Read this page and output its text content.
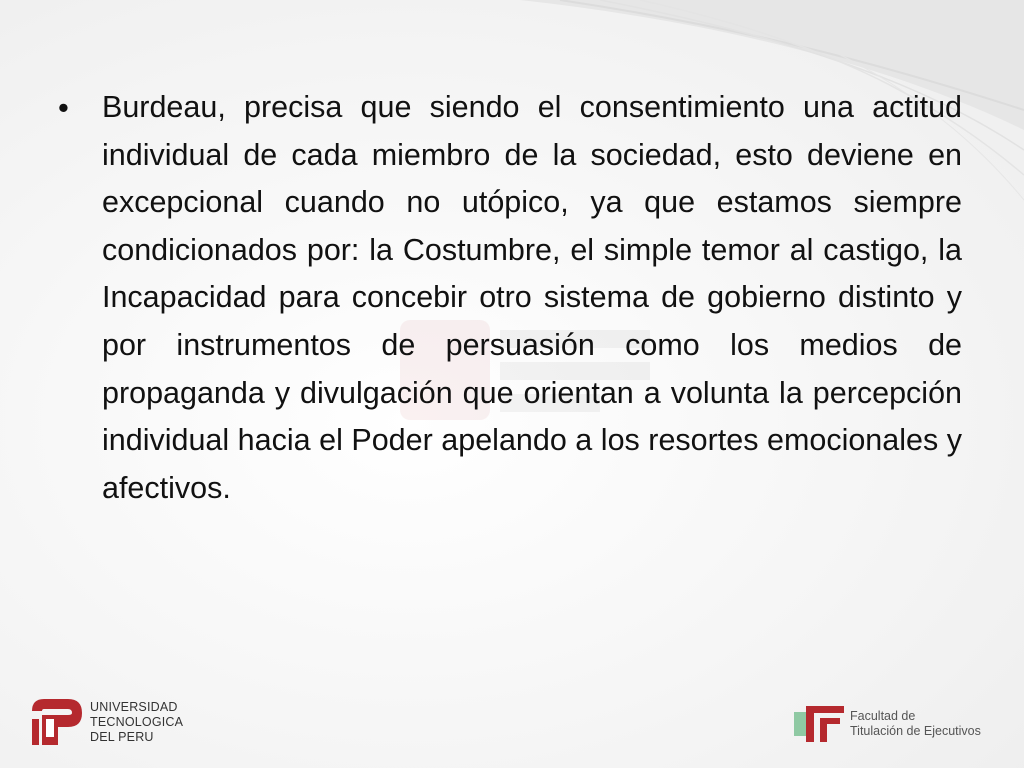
•	Burdeau, precisa que siendo el consentimiento una actitud individual de cada miembro de la sociedad, esto deviene en excepcional cuando no utópico, ya que estamos siempre condicionados por: la Costumbre, el simple temor al castigo, la Incapacidad para concebir otro sistema de gobierno distinto y por instrumentos de persuasión como los medios de propaganda y divulgación que orientan a volunta la percepción individual hacia el Poder apelando a los resortes emocionales y afectivos.

UNIVERSIDAD
TECNOLOGICA
DEL PERU
Facultad de
Titulación de Ejecutivos
